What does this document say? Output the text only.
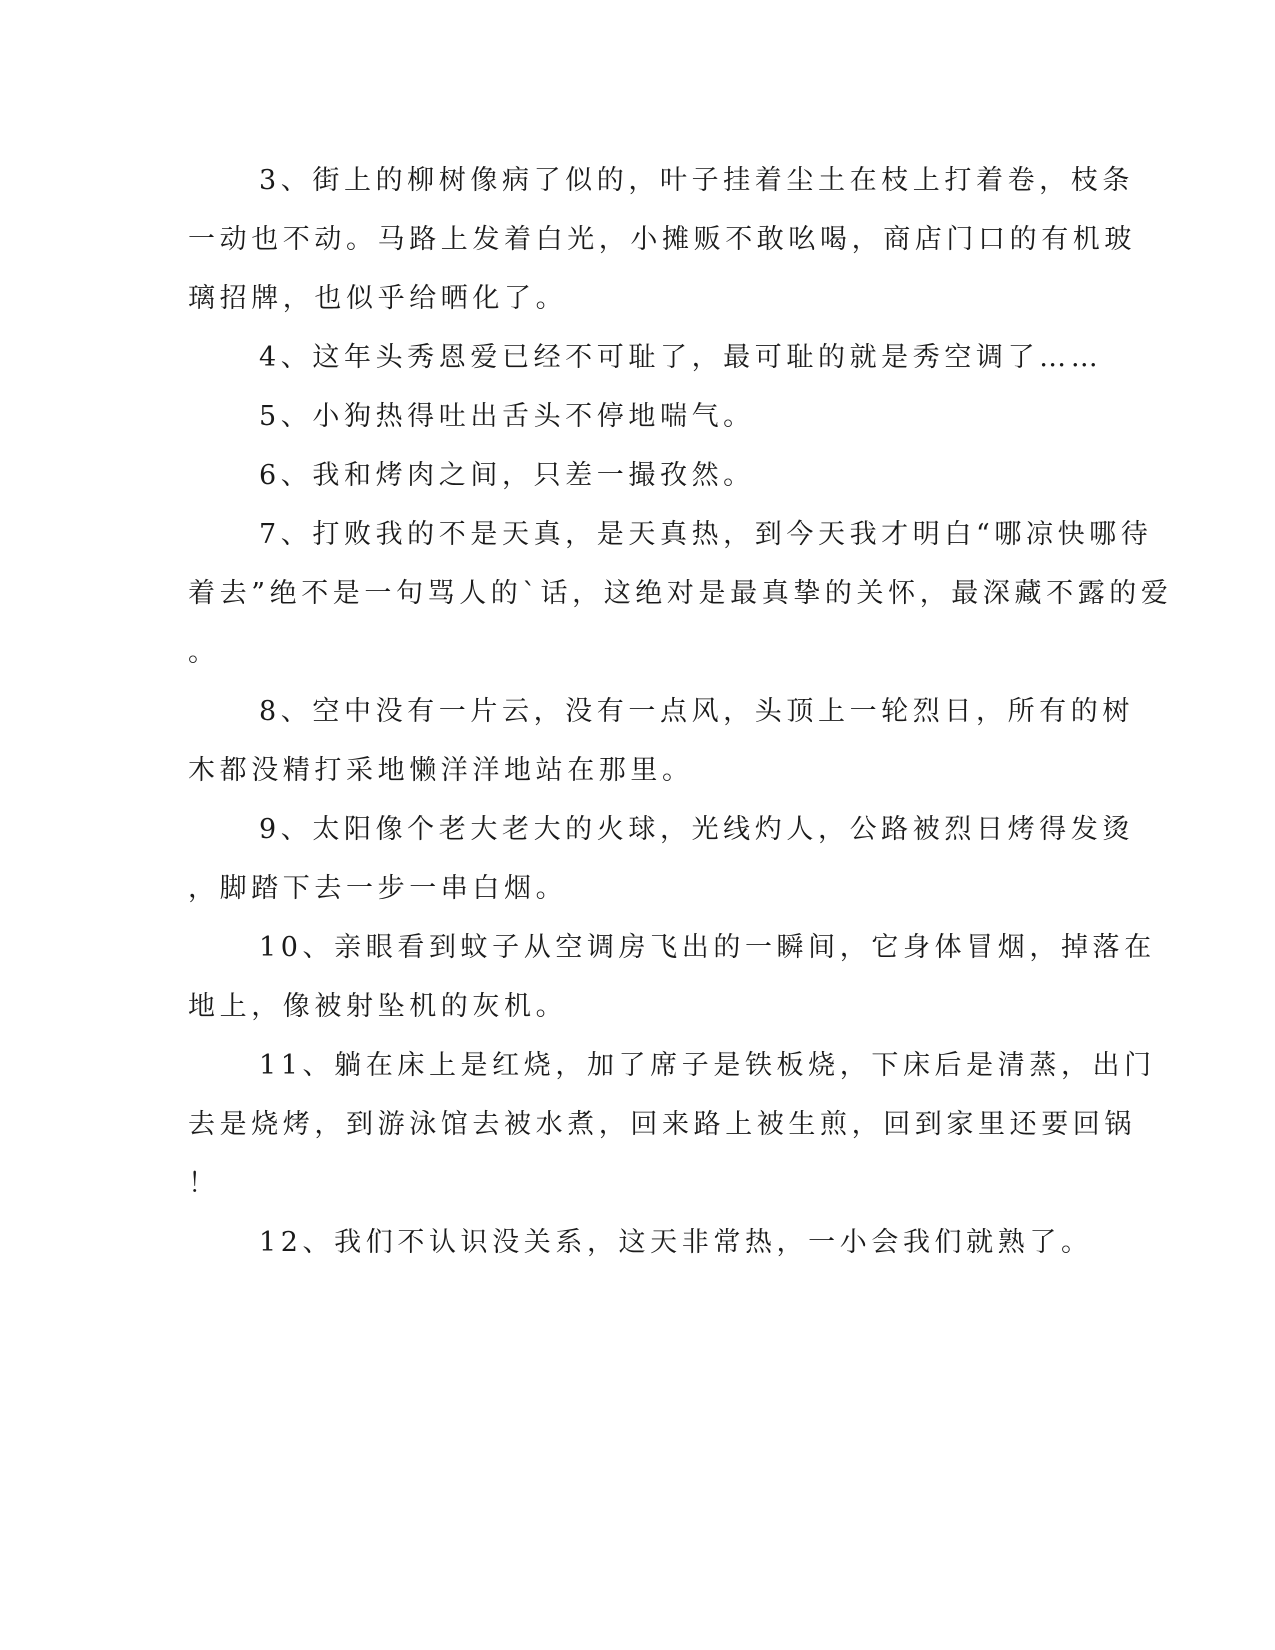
3、街上的柳树像病了似的，叶子挂着尘土在枝上打着卷，枝条

一动也不动。马路上发着白光，小摊贩不敢吆喝，商店门口的有机玻

璃招牌，也似乎给晒化了。

4、这年头秀恩爱已经不可耻了，最可耻的就是秀空调了……

5、小狗热得吐出舌头不停地喘气。

6、我和烤肉之间，只差一撮孜然。

7、打败我的不是天真，是天真热，到今天我才明白“哪凉快哪待

着去”绝不是一句骂人的`话，这绝对是最真挚的关怀，最深藏不露的爱

。

8、空中没有一片云，没有一点风，头顶上一轮烈日，所有的树

木都没精打采地懒洋洋地站在那里。

9、太阳像个老大老大的火球，光线灼人，公路被烈日烤得发烫

，脚踏下去一步一串白烟。

10、亲眼看到蚊子从空调房飞出的一瞬间，它身体冒烟，掉落在

地上，像被射坠机的灰机。

11、躺在床上是红烧，加了席子是铁板烧，下床后是清蒸，出门

去是烧烤，到游泳馆去被水煮，回来路上被生煎，回到家里还要回锅

！

12、我们不认识没关系，这天非常热，一小会我们就熟了。
